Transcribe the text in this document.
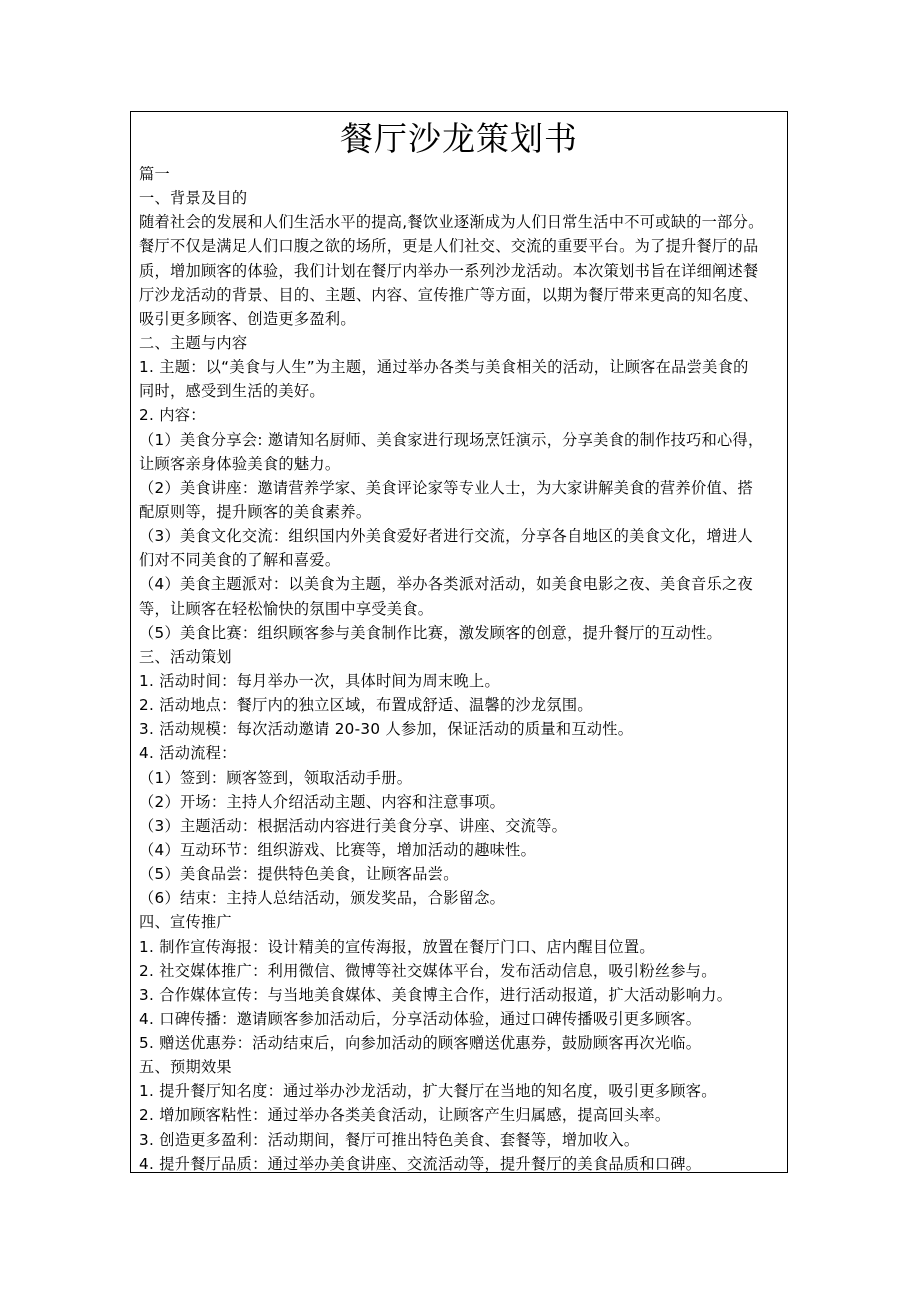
餐厅沙龙策划书
篇一
一、背景及目的
随着社会的发展和人们生活水平的提高,餐饮业逐渐成为人们日常生活中不可或缺的一部分。
餐厅不仅是满足人们口腹之欲的场所，更是人们社交、交流的重要平台。为了提升餐厅的品
质，增加顾客的体验，我们计划在餐厅内举办一系列沙龙活动。本次策划书旨在详细阐述餐
厅沙龙活动的背景、目的、主题、内容、宣传推广等方面，以期为餐厅带来更高的知名度、
吸引更多顾客、创造更多盈利。
二、主题与内容
1. 主题：以“美食与人生”为主题，通过举办各类与美食相关的活动，让顾客在品尝美食的
同时，感受到生活的美好。
2. 内容：
（1）美食分享会: 邀请知名厨师、美食家进行现场烹饪演示，分享美食的制作技巧和心得，
让顾客亲身体验美食的魅力。
（2）美食讲座：邀请营养学家、美食评论家等专业人士，为大家讲解美食的营养价值、搭
配原则等，提升顾客的美食素养。
（3）美食文化交流：组织国内外美食爱好者进行交流，分享各自地区的美食文化，增进人
们对不同美食的了解和喜爱。
（4）美食主题派对：以美食为主题，举办各类派对活动，如美食电影之夜、美食音乐之夜
等，让顾客在轻松愉快的氛围中享受美食。
（5）美食比赛：组织顾客参与美食制作比赛，激发顾客的创意，提升餐厅的互动性。
三、活动策划
1. 活动时间：每月举办一次，具体时间为周末晚上。
2. 活动地点：餐厅内的独立区域，布置成舒适、温馨的沙龙氛围。
3. 活动规模：每次活动邀请 20-30 人参加，保证活动的质量和互动性。
4. 活动流程：
（1）签到：顾客签到，领取活动手册。
（2）开场：主持人介绍活动主题、内容和注意事项。
（3）主题活动：根据活动内容进行美食分享、讲座、交流等。
（4）互动环节：组织游戏、比赛等，增加活动的趣味性。
（5）美食品尝：提供特色美食，让顾客品尝。
（6）结束：主持人总结活动，颁发奖品，合影留念。
四、宣传推广
1. 制作宣传海报：设计精美的宣传海报，放置在餐厅门口、店内醒目位置。
2. 社交媒体推广：利用微信、微博等社交媒体平台，发布活动信息，吸引粉丝参与。
3. 合作媒体宣传：与当地美食媒体、美食博主合作，进行活动报道，扩大活动影响力。
4. 口碑传播：邀请顾客参加活动后，分享活动体验，通过口碑传播吸引更多顾客。
5. 赠送优惠券：活动结束后，向参加活动的顾客赠送优惠券，鼓励顾客再次光临。
五、预期效果
1. 提升餐厅知名度：通过举办沙龙活动，扩大餐厅在当地的知名度，吸引更多顾客。
2. 增加顾客粘性：通过举办各类美食活动，让顾客产生归属感，提高回头率。
3. 创造更多盈利：活动期间，餐厅可推出特色美食、套餐等，增加收入。
4. 提升餐厅品质：通过举办美食讲座、交流活动等，提升餐厅的美食品质和口碑。
